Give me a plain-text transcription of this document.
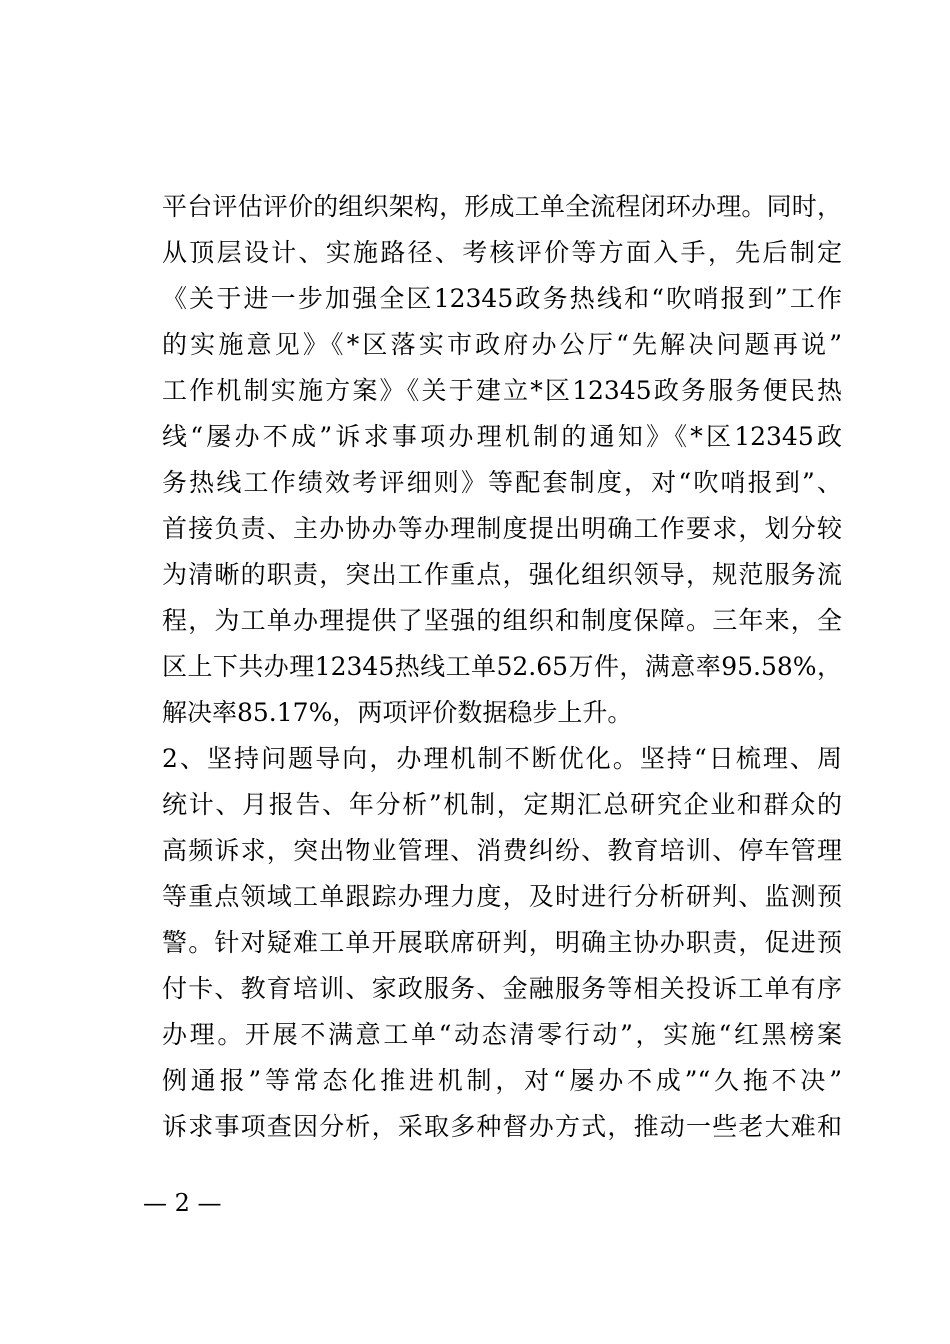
平台评估评价的组织架构，形成工单全流程闭环办理。同时，
从顶层设计、实施路径、考核评价等方面入手，先后制定
《关于进一步加强全区12345政务热线和“吹哨报到”工作
的实施意见》《*区落实市政府办公厅“先解决问题再说”
工作机制实施方案》《关于建立*区12345政务服务便民热
线“屡办不成”诉求事项办理机制的通知》《*区12345政
务热线工作绩效考评细则》等配套制度，对“吹哨报到”、
首接负责、主办协办等办理制度提出明确工作要求，划分较
为清晰的职责，突出工作重点，强化组织领导，规范服务流
程，为工单办理提供了坚强的组织和制度保障。三年来，全
区上下共办理12345热线工单52.65万件，满意率95.58%，
解决率85.17%，两项评价数据稳步上升。
2、坚持问题导向，办理机制不断优化。坚持“日梳理、周
统计、月报告、年分析”机制，定期汇总研究企业和群众的
高频诉求，突出物业管理、消费纠纷、教育培训、停车管理
等重点领域工单跟踪办理力度，及时进行分析研判、监测预
警。针对疑难工单开展联席研判，明确主协办职责，促进预
付卡、教育培训、家政服务、金融服务等相关投诉工单有序
办理。开展不满意工单“动态清零行动”，实施“红黑榜案
例通报”等常态化推进机制，对“屡办不成”“久拖不决”
诉求事项查因分析，采取多种督办方式，推动一些老大难和
— 2 —
